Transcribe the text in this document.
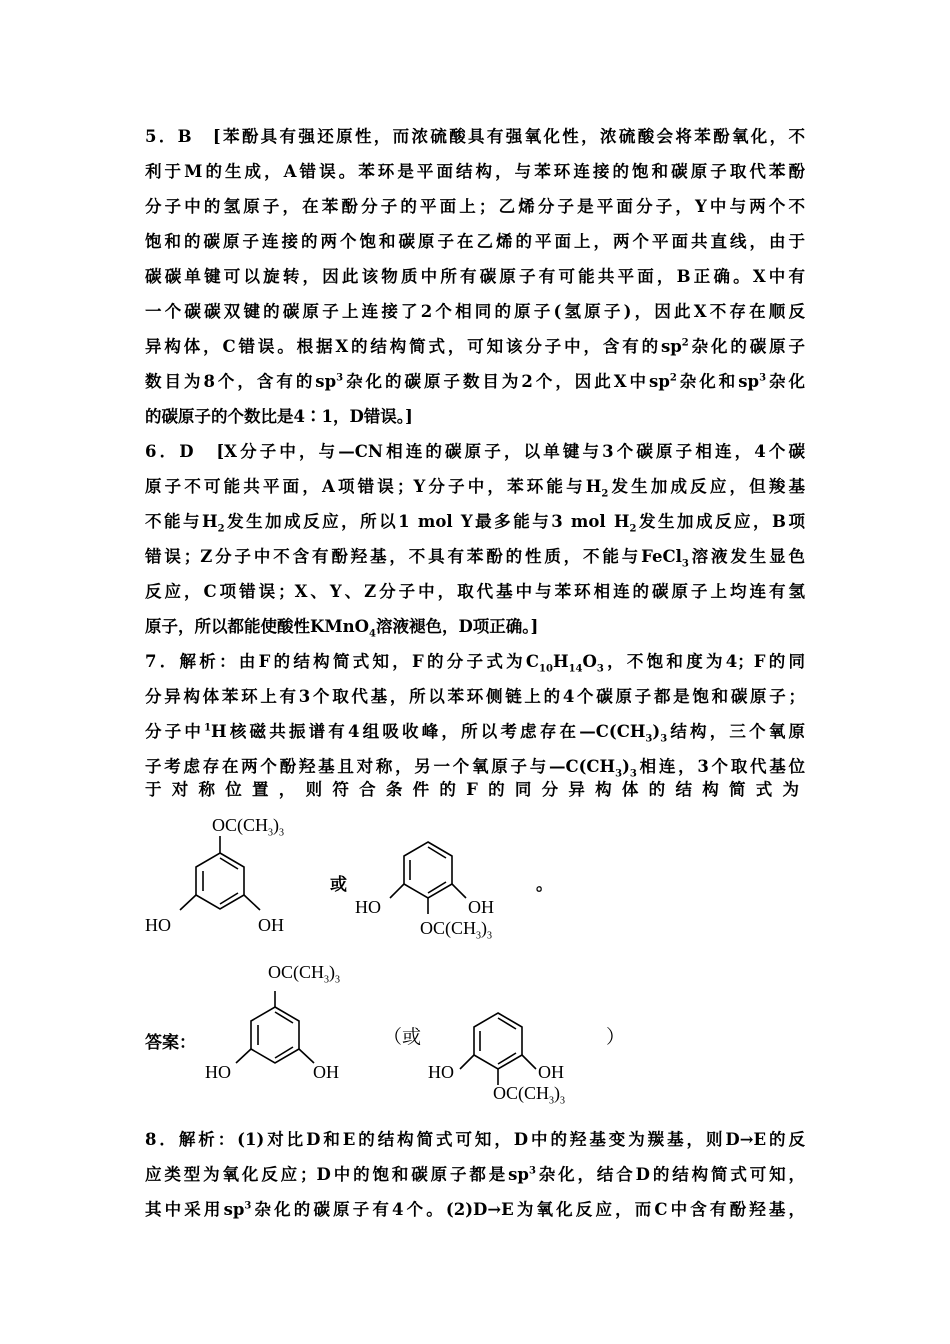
5．B　[苯酚具有强还原性，而浓硫酸具有强氧化性，浓硫酸会将苯酚氧化，不
利于M的生成，A错误。苯环是平面结构，与苯环连接的饱和碳原子取代苯酚
分子中的氢原子，在苯酚分子的平面上；乙烯分子是平面分子，Y中与两个不
饱和的碳原子连接的两个饱和碳原子在乙烯的平面上，两个平面共直线，由于
碳碳单键可以旋转，因此该物质中所有碳原子有可能共平面，B正确。X中有
一个碳碳双键的碳原子上连接了2个相同的原子(氢原子)，因此X不存在顺反
异构体，C错误。根据X的结构简式，可知该分子中，含有的$sp^2$杂化的碳原子
数目为8个，含有的$sp^3$杂化的碳原子数目为2个，因此X中$sp^2$杂化和$sp^3$杂化
的碳原子的个数比是4∶1，D错误。]
6．D　[X分子中，与—CN相连的碳原子，以单键与3个碳原子相连，4个碳
原子不可能共平面，A项错误；Y分子中，苯环能与$H_2$发生加成反应，但羧基
不能与$H_2$发生加成反应，所以1 mol Y最多能与3 mol $H_2$发生加成反应，B项
错误；Z分子中不含有酚羟基，不具有苯酚的性质，不能与FeCl$_3$溶液发生显色
反应，C项错误；X、Y、Z分子中，取代基中与苯环相连的碳原子上均连有氢
原子，所以都能使酸性KMnO$_4$溶液褪色，D项正确。]
7．解析：由F的结构简式知，F的分子式为$C_{10}H_{14}O_3$，不饱和度为4；F的同
分异构体苯环上有3个取代基，所以苯环侧链上的4个碳原子都是饱和碳原子；
分子中$^1$H核磁共振谱有4组吸收峰，所以考虑存在$—C(CH_3)_3$结构，三个氧原
子考虑存在两个酚羟基且对称，另一个氧原子与$—C(CH_3)_3$相连，3个取代基位
于对称位置，则符合条件的F的同分异构体的结构简式为
$OC(CH_3)_3$
HO	OH
或
HO	OH
$OC(CH_3)_3$
。
答案：
$OC(CH_3)_3$
HO	OH
（或
HO	OH
$OC(CH_3)_3$
）
8．解析：(1)对比D和E的结构简式可知，D中的羟基变为羰基，则D→E的反
应类型为氧化反应；D中的饱和碳原子都是$sp^3$杂化，结合D的结构简式可知，
其中采用$sp^3$杂化的碳原子有4个。(2)D→E为氧化反应，而C中含有酚羟基，
